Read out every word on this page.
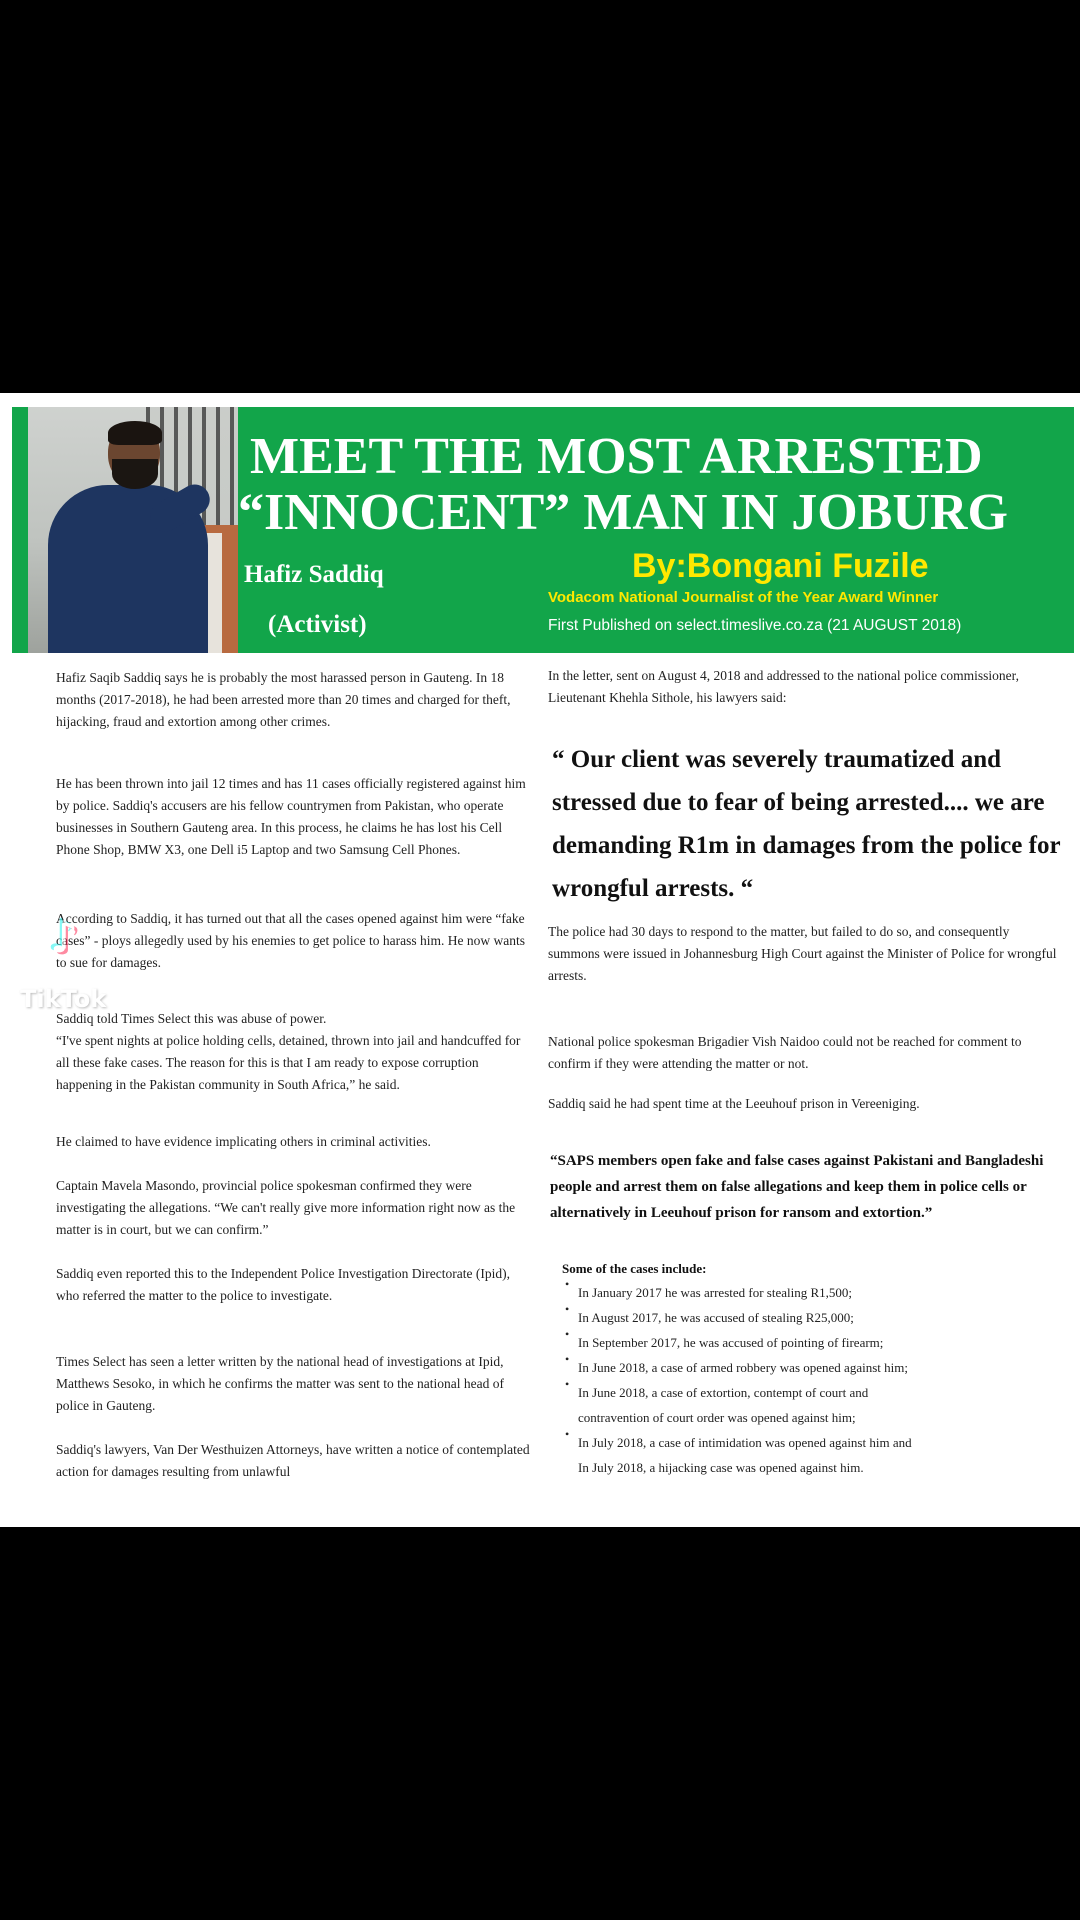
MEET THE MOST ARRESTED
“INNOCENT” MAN IN JOBURG
Hafiz Saddiq
(Activist)
By:Bongani Fuzile
Vodacom National Journalist of the Year Award Winner
First Published on select.timeslive.co.za (21 AUGUST 2018)

Hafiz Saqib Saddiq says he is probably the most harassed person in Gauteng. In 18 months (2017-2018), he had been arrested more than 20 times and charged for theft, hijacking, fraud and extortion among other crimes.

He has been thrown into jail 12 times and has 11 cases officially registered against him by police. Saddiq's accusers are his fellow countrymen from Pakistan, who operate businesses in Southern Gauteng area. In this process, he claims he has lost his Cell Phone Shop, BMW X3, one Dell i5 Laptop and two Samsung Cell Phones.

According to Saddiq, it has turned out that all the cases opened against him were “fake cases” - ploys allegedly used by his enemies to get police to harass him. He now wants to sue for damages.

Saddiq told Times Select this was abuse of power.

“I've spent nights at police holding cells, detained, thrown into jail and handcuffed for all these fake cases. The reason for this is that I am ready to expose corruption happening in the Pakistan community in South Africa,” he said.

He claimed to have evidence implicating others in criminal activities.

Captain Mavela Masondo, provincial police spokesman confirmed they were investigating the allegations. “We can't really give more information right now as the matter is in court, but we can confirm.”

Saddiq even reported this to the Independent Police Investigation Directorate (Ipid), who referred the matter to the police to investigate.

Times Select has seen a letter written by the national head of investigations at Ipid, Matthews Sesoko, in which he confirms the matter was sent to the national head of police in Gauteng.

Saddiq's lawyers, Van Der Westhuizen Attorneys, have written a notice of contemplated action for damages resulting from unlawful

In the letter, sent on August 4, 2018 and addressed to the national police commissioner, Lieutenant Khehla Sithole, his lawyers said:

“ Our client was severely traumatized and stressed due to fear of being arrested.... we are demanding R1m in damages from the police for wrongful arrests. “

The police had 30 days to respond to the matter, but failed to do so, and consequently summons were issued in Johannesburg High Court against the Minister of Police for wrongful arrests.

National police spokesman Brigadier Vish Naidoo could not be reached for comment to confirm if they were attending the matter or not.

Saddiq said he had spent time at the Leeuhouf prison in Vereeniging.

“SAPS members open fake and false cases against Pakistani and Bangladeshi people and arrest them on false allegations and keep them in police cells or alternatively in Leeuhouf prison for ransom and extortion.”

Some of the cases include:
• In January 2017 he was arrested for stealing R1,500;
• In August 2017, he was accused of stealing R25,000;
• In September 2017, he was accused of pointing of firearm;
• In June 2018, a case of armed robbery was opened against him;
• In June 2018, a case of extortion, contempt of court and
contravention of court order was opened against him;
• In July 2018, a case of intimidation was opened against him and
In July 2018, a hijacking case was opened against him.
♪
TikTok
